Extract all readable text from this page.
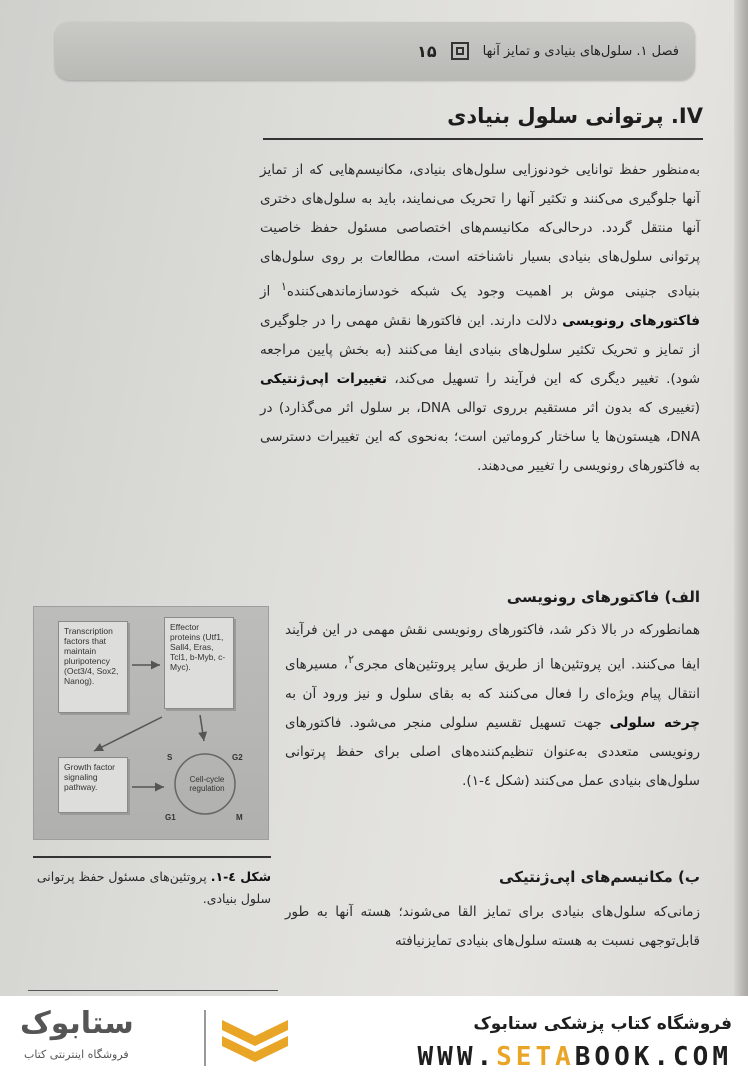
فصل ۱. سلول‌های بنیادی و تمایز آنها
۱۵
IV. پرتوانی سلول بنیادی

به‌منظور حفظ توانایی خودنوزایی سلول‌های بنیادی، مکانیسم‌هایی که از تمایز آنها جلوگیری می‌کنند و تکثیر آنها را تحریک می‌نمایند، باید به سلول‌های دختری آنها منتقل گردد. درحالی‌که مکانیسم‌های اختصاصی مسئول حفظ خاصیت پرتوانی سلول‌های بنیادی بسیار ناشناخته است، مطالعات بر روی سلول‌های بنیادی جنینی موش بر اهمیت وجود یک شبکه خودسازماندهی‌کننده$^۱$ از فاکتورهای رونویسی دلالت دارند. این فاکتورها نقش مهمی را در جلوگیری از تمایز و تحریک تکثیر سلول‌های بنیادی ایفا می‌کنند (به بخش پایین مراجعه شود). تغییر دیگری که این فرآیند را تسهیل می‌کند، تغییرات اپی‌ژنتیکی (تغییری که بدون اثر مستقیم برروی توالی DNA، بر سلول اثر می‌گذارد) در DNA، هیستون‌ها یا ساختار کروماتین است؛ به‌نحوی که این تغییرات دسترسی به فاکتورهای رونویسی را تغییر می‌دهند.

الف) فاکتورهای رونویسی

همانطورکه در بالا ذکر شد، فاکتورهای رونویسی نقش مهمی در این فرآیند ایفا می‌کنند. این پروتئین‌ها از طریق سایر پروتئین‌های مجری$^۲$، مسیرهای انتقال پیام ویژه‌ای را فعال می‌کنند که به بقای سلول و نیز ورود آن به چرخه سلولی جهت تسهیل تقسیم سلولی منجر می‌شود. فاکتورهای رونویسی متعددی به‌عنوان تنظیم‌کننده‌های اصلی برای حفظ پرتوانی سلول‌های بنیادی عمل می‌کنند (شکل ٤-۱).

ب) مکانیسم‌های اپی‌ژنتیکی

زمانی‌که سلول‌های بنیادی برای تمایز القا می‌شوند؛ هسته آنها به طور قابل‌توجهی نسبت به هسته سلول‌های بنیادی تمایزنیافته

Transcription factors that maintain pluripotency (Oct3/4, Sox2, Nanog).
Effector proteins (Utf1, Sall4, Eras, Tcl1, b-Myb, c-Myc).
Growth factor signaling pathway.
Cell-cycle regulation
S	G2
G1	M

شکل ٤-۱. پروتئین‌های مسئول حفظ پرتوانی سلول بنیادی.

فروشگاه کتاب پزشکی ستابوک
WWW.SETABOOK.COM
ستابوک
فروشگاه اینترنتی کتاب
